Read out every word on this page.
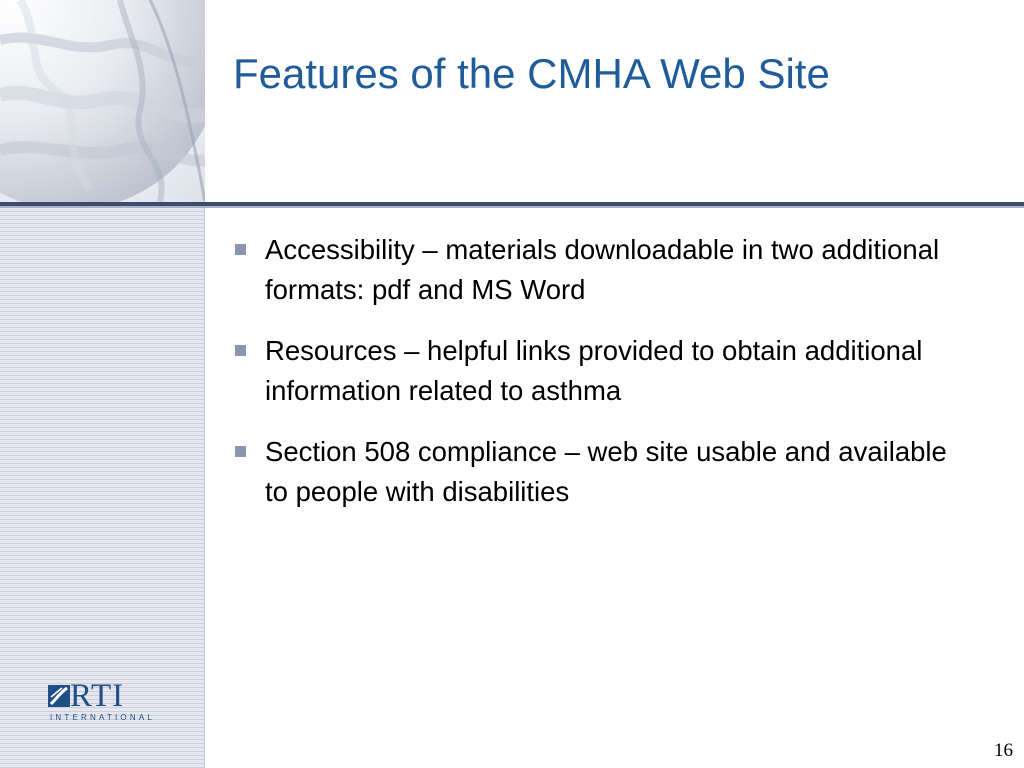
Features of the CMHA Web Site
Accessibility – materials downloadable in two additional formats: pdf and MS Word
Resources – helpful links provided to obtain additional information related to asthma
Section 508 compliance – web site usable and available to people with disabilities
RTI
INTERNATIONAL
16
